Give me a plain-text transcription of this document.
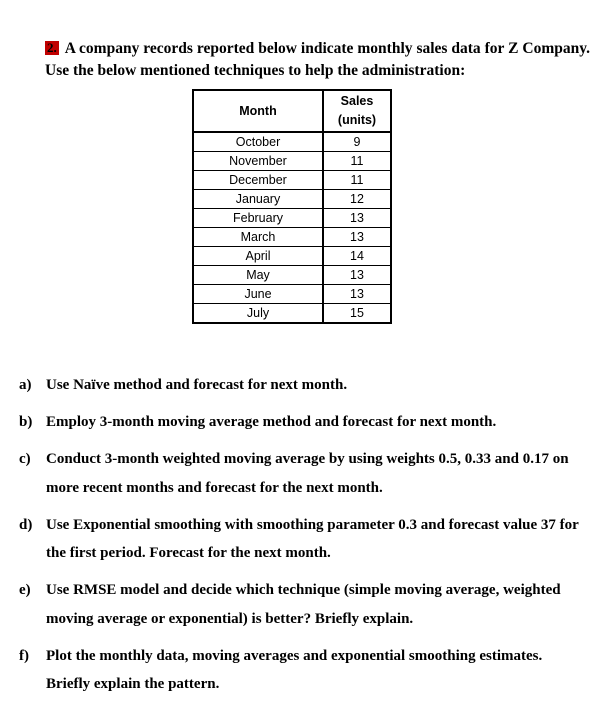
2. A company records reported below indicate monthly sales data for Z Company. Use the below mentioned techniques to help the administration:
Month	Sales
(units)
October	9
November	11
December	11
January	12
February	13
March	13
April	14
May	13
June	13
July	15
a) Use Naïve method and forecast for next month.
b) Employ 3-month moving average method and forecast for next month.
c)	Conduct 3-month weighted moving average by using weights 0.5, 0.33 and 0.17 on more recent months and forecast for the next month.
d) Use Exponential smoothing with smoothing parameter 0.3 and forecast value 37 for the first period. Forecast for the next month.
e)	Use RMSE model and decide which technique (simple moving average, weighted moving average or exponential) is better? Briefly explain.
f)	Plot the monthly data, moving averages and exponential smoothing estimates. Briefly explain the pattern.
